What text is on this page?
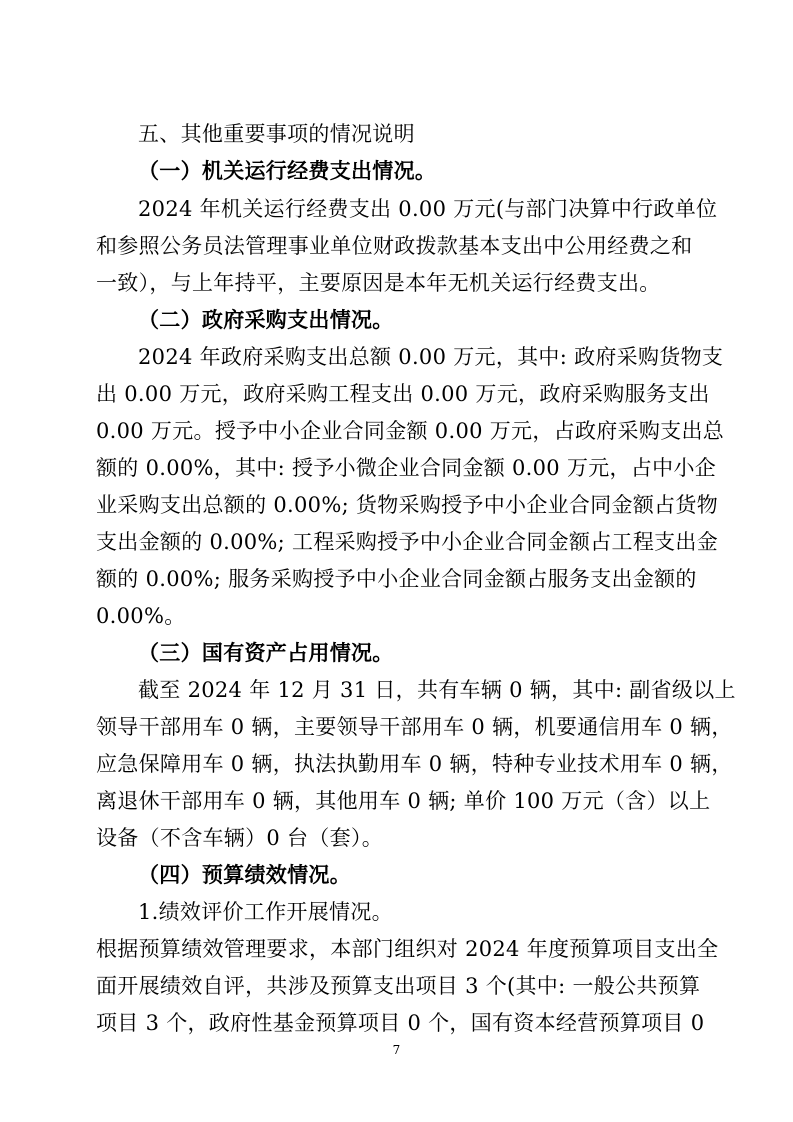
五、其他重要事项的情况说明
（一）机关运行经费支出情况。
2024 年机关运行经费支出 0.00 万元(与部门决算中行政单位
和参照公务员法管理事业单位财政拨款基本支出中公用经费之和
一致），与上年持平，主要原因是本年无机关运行经费支出。
（二）政府采购支出情况。
2024 年政府采购支出总额 0.00 万元，其中: 政府采购货物支
出 0.00 万元，政府采购工程支出 0.00 万元，政府采购服务支出
0.00 万元。授予中小企业合同金额 0.00 万元，占政府采购支出总
额的 0.00%，其中: 授予小微企业合同金额 0.00 万元，占中小企
业采购支出总额的 0.00%; 货物采购授予中小企业合同金额占货物
支出金额的 0.00%; 工程采购授予中小企业合同金额占工程支出金
额的 0.00%; 服务采购授予中小企业合同金额占服务支出金额的
0.00%。
（三）国有资产占用情况。
截至 2024 年 12 月 31 日，共有车辆 0 辆，其中: 副省级以上
领导干部用车 0 辆，主要领导干部用车 0 辆，机要通信用车 0 辆，
应急保障用车 0 辆，执法执勤用车 0 辆，特种专业技术用车 0 辆，
离退休干部用车 0 辆，其他用车 0 辆; 单价 100 万元（含）以上
设备（不含车辆）0 台（套）。
（四）预算绩效情况。
1.绩效评价工作开展情况。
根据预算绩效管理要求，本部门组织对 2024 年度预算项目支出全
面开展绩效自评，共涉及预算支出项目 3 个(其中: 一般公共预算
项目 3 个，政府性基金预算项目 0 个，国有资本经营预算项目 0
7
